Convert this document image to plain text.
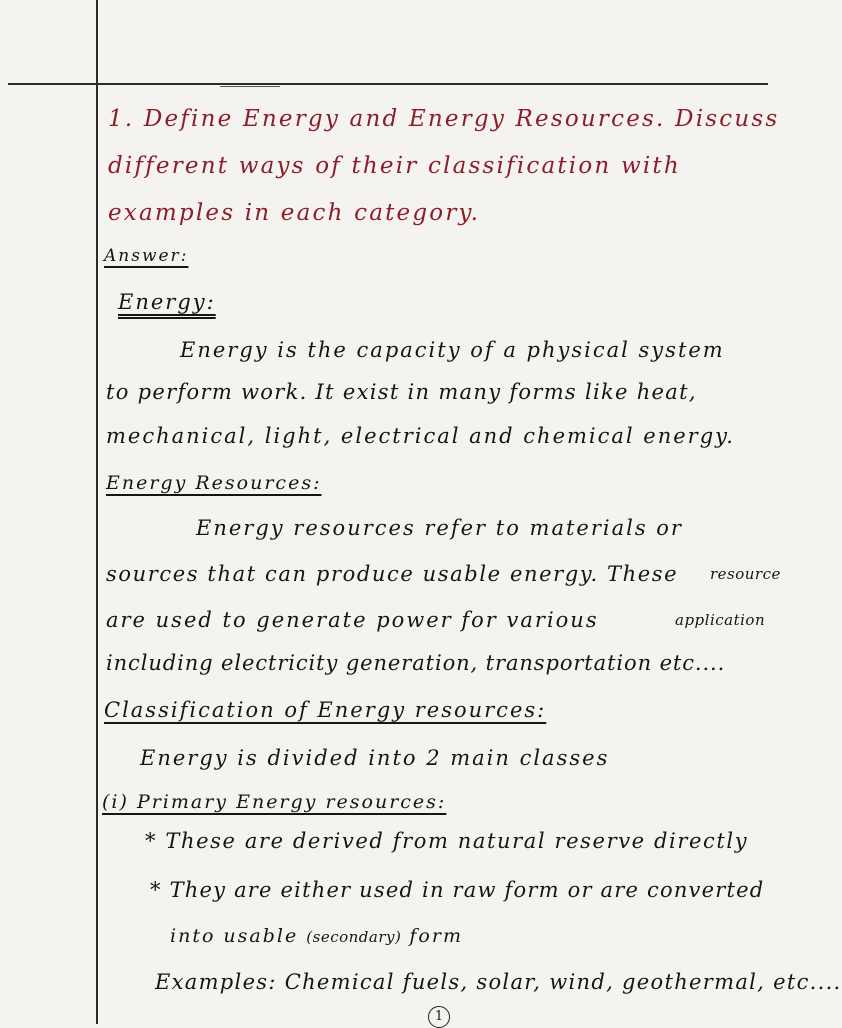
1. Define Energy and Energy Resources. Discuss
different ways of their classification with
examples in each category.
Answer:
Energy:
Energy is the capacity of a physical system
to perform work. It exist in many forms like heat,
mechanical, light, electrical and chemical energy.
Energy Resources:
Energy resources refer to materials or
sources that can produce usable energy. These resource
are used to generate power for various	application
including electricity generation, transportation etc....
Classification of Energy resources:
Energy is divided into 2 main classes
(i) Primary Energy resources:
* These are derived from natural reserve directly
* They are either used in raw form or are converted
into usable (secondary) form
Examples: Chemical fuels, solar, wind, geothermal, etc....
1
